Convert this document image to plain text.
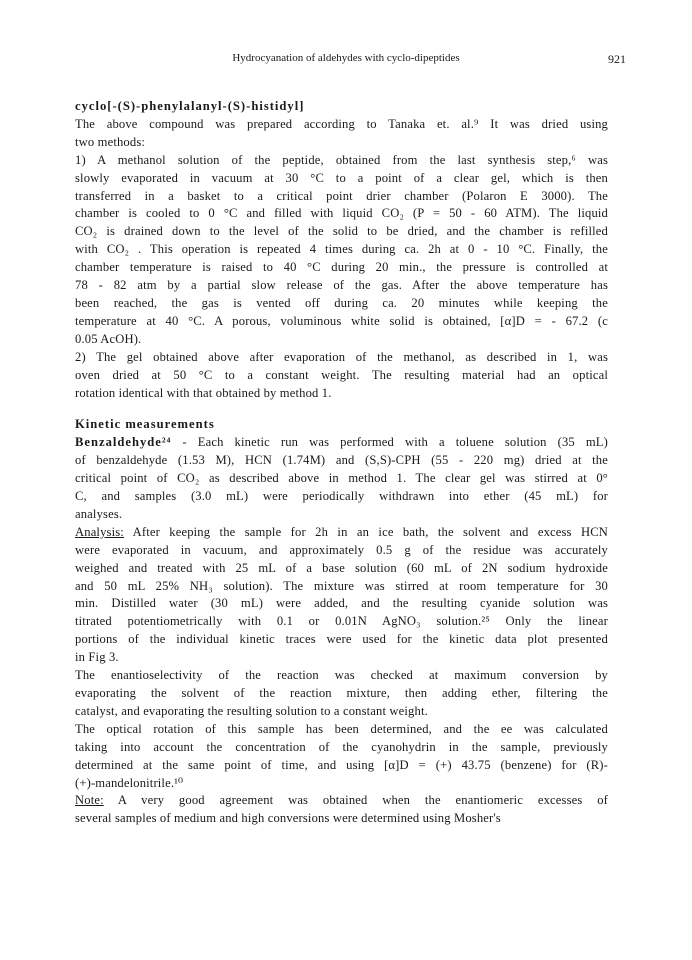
Hydrocyanation of aldehydes with cyclo-dipeptides	921
cyclo[-(S)-phenylalanyl-(S)-histidyl]
The above compound was prepared according to Tanaka et. al.⁹ It was dried using
two methods:
1) A methanol solution of the peptide, obtained from the last synthesis step,⁶ was
slowly evaporated in vacuum at 30 °C to a point of a clear gel, which is then
transferred in a basket to a critical point drier chamber (Polaron E 3000). The
chamber is cooled to 0 °C and filled with liquid CO₂ (P = 50 - 60 ATM). The liquid
CO₂ is drained down to the level of the solid to be dried, and the chamber is refilled
with CO₂ . This operation is repeated 4 times during ca. 2h at 0 - 10 °C. Finally, the
chamber temperature is raised to 40 °C during 20 min., the pressure is controlled at
78 - 82 atm by a partial slow release of the gas. After the above temperature has
been reached, the gas is vented off during ca. 20 minutes while keeping the
temperature at 40 °C. A porous, voluminous white solid is obtained, [α]D = - 67.2 (c
0.05 AcOH).
2) The gel obtained above after evaporation of the methanol, as described in 1, was
oven dried at 50 °C to a constant weight. The resulting material had an optical
rotation identical with that obtained by method 1.
Kinetic measurements
Benzaldehyde²⁴ - Each kinetic run was performed with a toluene solution (35 mL)
of benzaldehyde (1.53 M), HCN (1.74M) and (S,S)-CPH (55 - 220 mg) dried at the
critical point of CO₂ as described above in method 1. The clear gel was stirred at 0°
C, and samples (3.0 mL) were periodically withdrawn into ether (45 mL) for
analyses.
Analysis: After keeping the sample for 2h in an ice bath, the solvent and excess HCN
were evaporated in vacuum, and approximately 0.5 g of the residue was accurately
weighed and treated with 25 mL of a base solution (60 mL of 2N sodium hydroxide
and 50 mL 25% NH₃ solution). The mixture was stirred at room temperature for 30
min. Distilled water (30 mL) were added, and the resulting cyanide solution was
titrated potentiometrically with 0.1 or 0.01N AgNO₃ solution.²⁵ Only the linear
portions of the individual kinetic traces were used for the kinetic data plot presented
in Fig 3.
The enantioselectivity of the reaction was checked at maximum conversion by
evaporating the solvent of the reaction mixture, then adding ether, filtering the
catalyst, and evaporating the resulting solution to a constant weight.
The optical rotation of this sample has been determined, and the ee was calculated
taking into account the concentration of the cyanohydrin in the sample, previously
determined at the same point of time, and using [α]D = (+) 43.75 (benzene) for (R)-
(+)-mandelonitrile.¹⁰
Note: A very good agreement was obtained when the enantiomeric excesses of
several samples of medium and high conversions were determined using Mosher's
